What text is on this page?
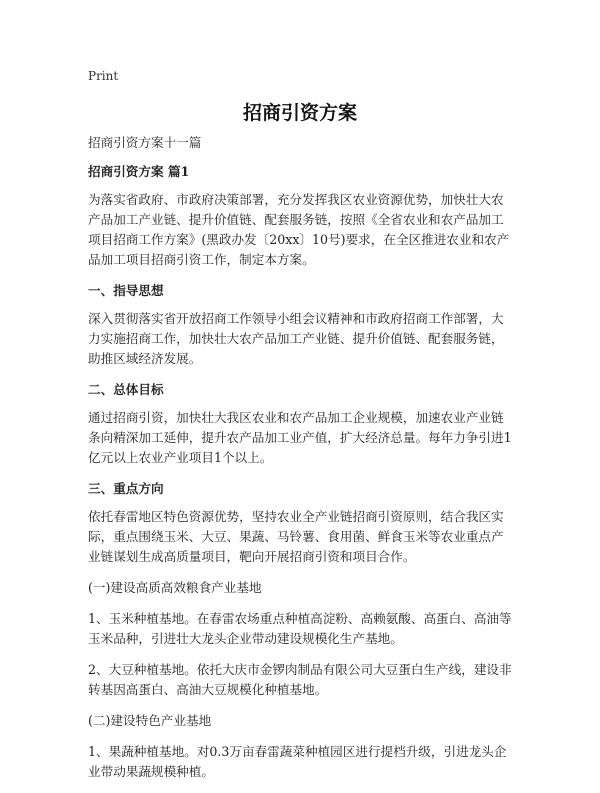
Print
招商引资方案

招商引资方案十一篇

招商引资方案 篇1

为落实省政府、市政府决策部署，充分发挥我区农业资源优势，加快壮大农产品加工产业链、提升价值链、配套服务链，按照《全省农业和农产品加工项目招商工作方案》(黑政办发〔20xx〕10号)要求，在全区推进农业和农产品加工项目招商引资工作，制定本方案。

一、指导思想

深入贯彻落实省开放招商工作领导小组会议精神和市政府招商工作部署，大力实施招商工作，加快壮大农产品加工产业链、提升价值链、配套服务链，助推区域经济发展。

二、总体目标

通过招商引资，加快壮大我区农业和农产品加工企业规模，加速农业产业链条向精深加工延伸，提升农产品加工业产值，扩大经济总量。每年力争引进1亿元以上农业产业项目1个以上。

三、重点方向

依托春雷地区特色资源优势，坚持农业全产业链招商引资原则，结合我区实际，重点围绕玉米、大豆、果蔬、马铃薯、食用菌、鲜食玉米等农业重点产业链谋划生成高质量项目，靶向开展招商引资和项目合作。

(一)建设高质高效粮食产业基地

1、玉米种植基地。在春雷农场重点种植高淀粉、高赖氨酸、高蛋白、高油等玉米品种，引进壮大龙头企业带动建设规模化生产基地。

2、大豆种植基地。依托大庆市金锣肉制品有限公司大豆蛋白生产线，建设非转基因高蛋白、高油大豆规模化种植基地。

(二)建设特色产业基地

1、果蔬种植基地。对0.3万亩春雷蔬菜种植园区进行提档升级，引进龙头企业带动果蔬规模种植。
